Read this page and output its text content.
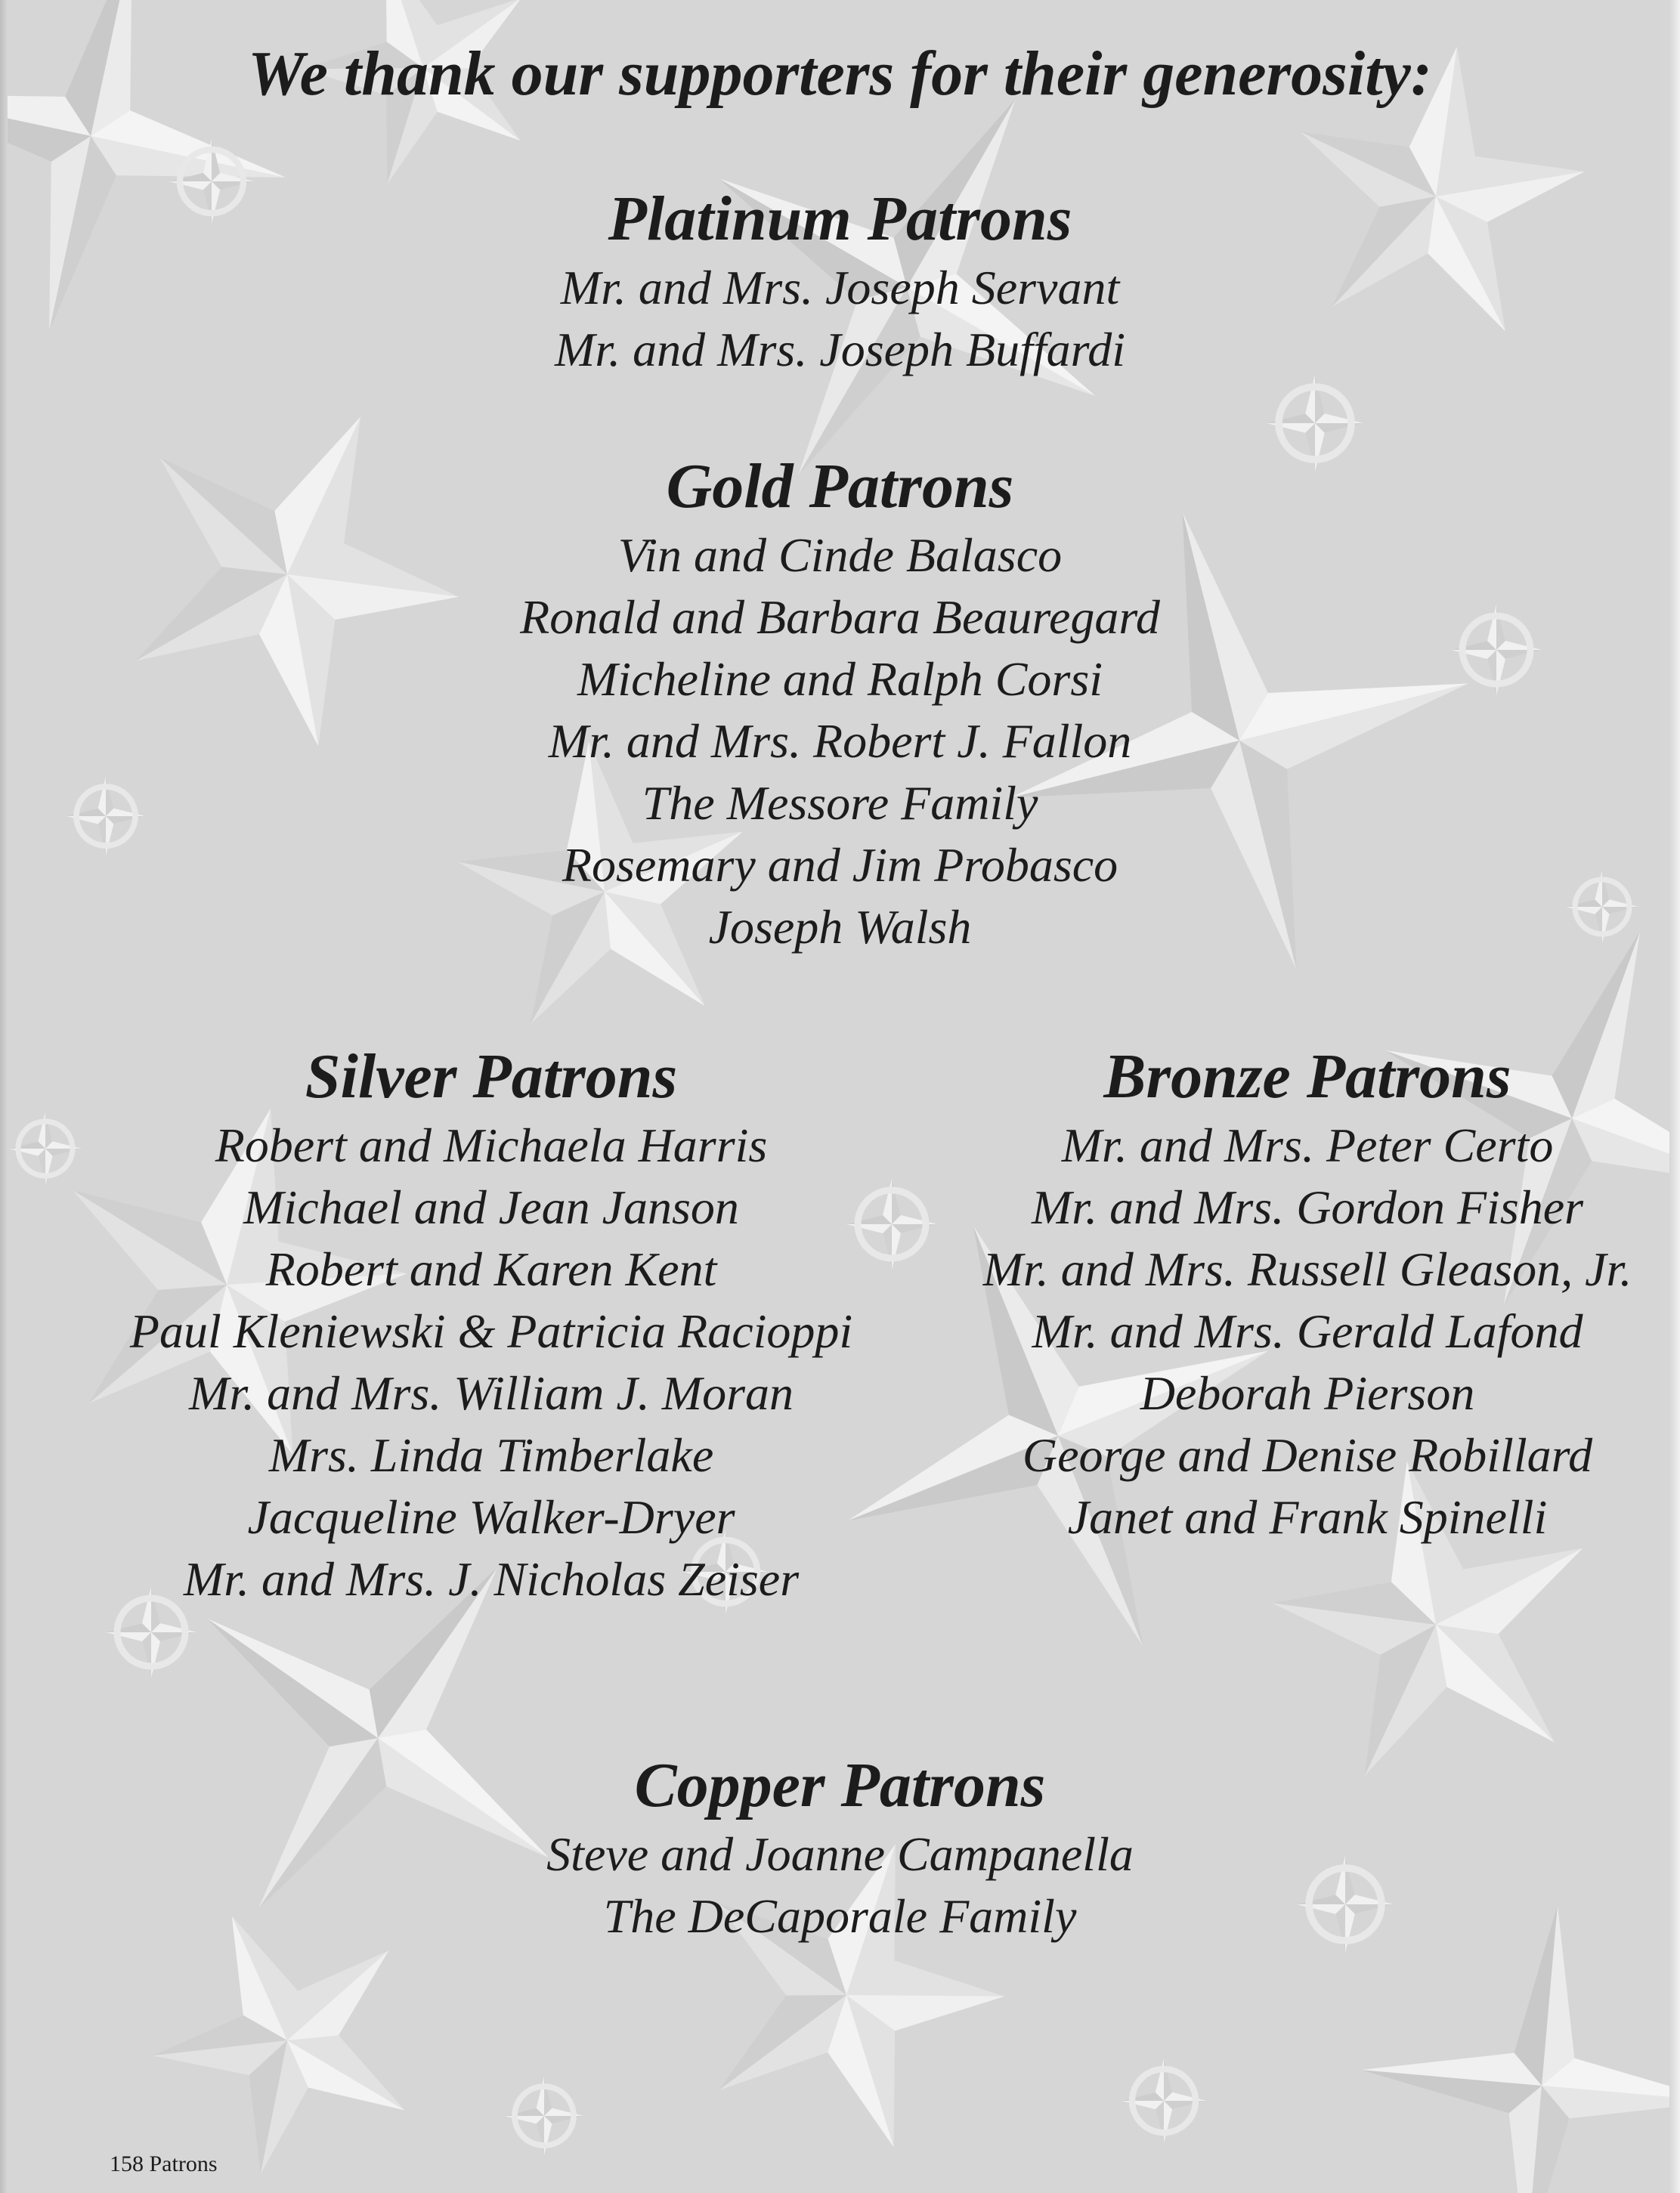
We thank our supporters for their generosity:
Platinum Patrons
Mr. and Mrs. Joseph Servant
Mr. and Mrs. Joseph Buffardi
Gold Patrons
Vin and Cinde Balasco
Ronald and Barbara Beauregard
Micheline and Ralph Corsi
Mr. and Mrs. Robert J. Fallon
The Messore Family
Rosemary and Jim Probasco
Joseph Walsh
Silver Patrons
Robert and Michaela Harris
Michael and Jean Janson
Robert and Karen Kent
Paul Kleniewski & Patricia Racioppi
Mr. and Mrs. William J. Moran
Mrs. Linda Timberlake
Jacqueline Walker-Dryer
Mr. and Mrs. J. Nicholas Zeiser
Bronze Patrons
Mr. and Mrs. Peter Certo
Mr. and Mrs. Gordon Fisher
Mr. and Mrs. Russell Gleason, Jr.
Mr. and Mrs. Gerald Lafond
Deborah Pierson
George and Denise Robillard
Janet and Frank Spinelli
Copper Patrons
Steve and Joanne Campanella
The DeCaporale Family
158 Patrons
